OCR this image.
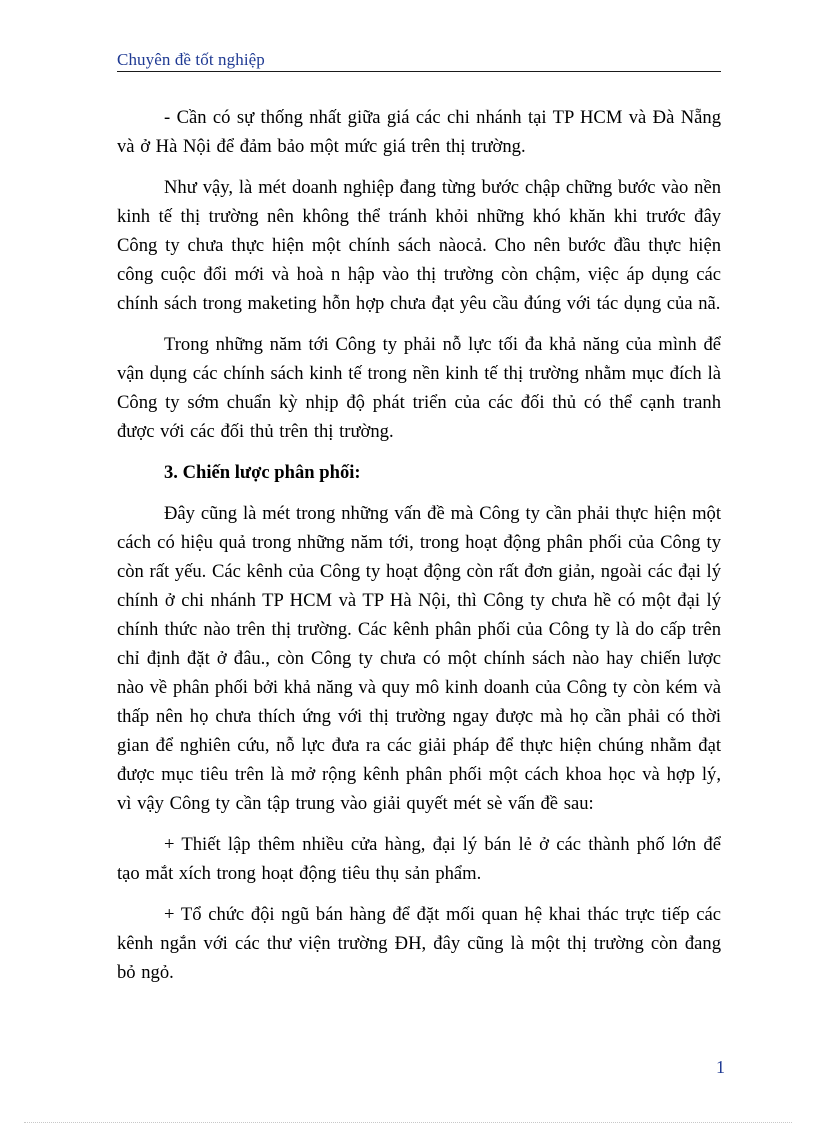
Chuyên đề tốt nghiệp

- Cần có sự thống nhất giữa giá các chi nhánh tại TP HCM và Đà Nẵng và ở Hà Nội để đảm bảo một mức giá trên thị trường.

Như vậy, là mét doanh nghiệp đang từng bước chập chững bước vào nền kinh tế thị trường nên không thể tránh khỏi những khó khăn khi trước đây Công ty chưa thực hiện một chính sách nàocả. Cho nên bước đầu thực hiện công cuộc đổi mới và hoà n hập vào thị trường còn chậm, việc áp dụng các chính sách trong maketing hỗn hợp chưa đạt yêu cầu đúng với tác dụng của nã.

Trong những năm tới Công ty phải nỗ lực tối đa khả năng của mình để vận dụng các chính sách kinh tế trong nền kinh tế thị trường nhằm mục đích là Công ty sớm chuẩn kỳ nhịp độ phát triển của các đối thủ có thể cạnh tranh được với các đối thủ trên thị trường.

3. Chiến lược phân phối:

Đây cũng là mét trong những vấn đề mà Công ty cần phải thực hiện một cách có hiệu quả trong những năm tới, trong hoạt động phân phối của Công ty còn rất yếu. Các kênh của Công ty hoạt động còn rất đơn giản, ngoài các đại lý chính ở chi nhánh TP HCM và TP Hà Nội, thì Công ty chưa hề có một đại lý chính thức nào trên thị trường. Các kênh phân phối của Công ty là do cấp trên chỉ định đặt ở đâu., còn Công ty chưa có một chính sách nào hay chiến lược nào về phân phối bởi khả năng và quy mô kinh doanh của Công ty còn kém và thấp nên họ chưa thích ứng với thị trường ngay được mà họ cần phải có thời gian để nghiên cứu, nỗ lực đưa ra các giải pháp để thực hiện chúng nhằm đạt được mục tiêu trên là mở rộng kênh phân phối một cách khoa học và hợp lý, vì vậy Công ty cần tập trung vào giải quyết mét sè vấn đề sau:

+ Thiết lập thêm nhiều cửa hàng, đại lý bán lẻ ở các thành phố lớn để tạo mắt xích trong hoạt động tiêu thụ sản phẩm.

+ Tổ chức đội ngũ bán hàng để đặt mối quan hệ khai thác trực tiếp các kênh ngắn với các thư viện trường ĐH, đây cũng là một thị trường còn đang bỏ ngỏ.

1
